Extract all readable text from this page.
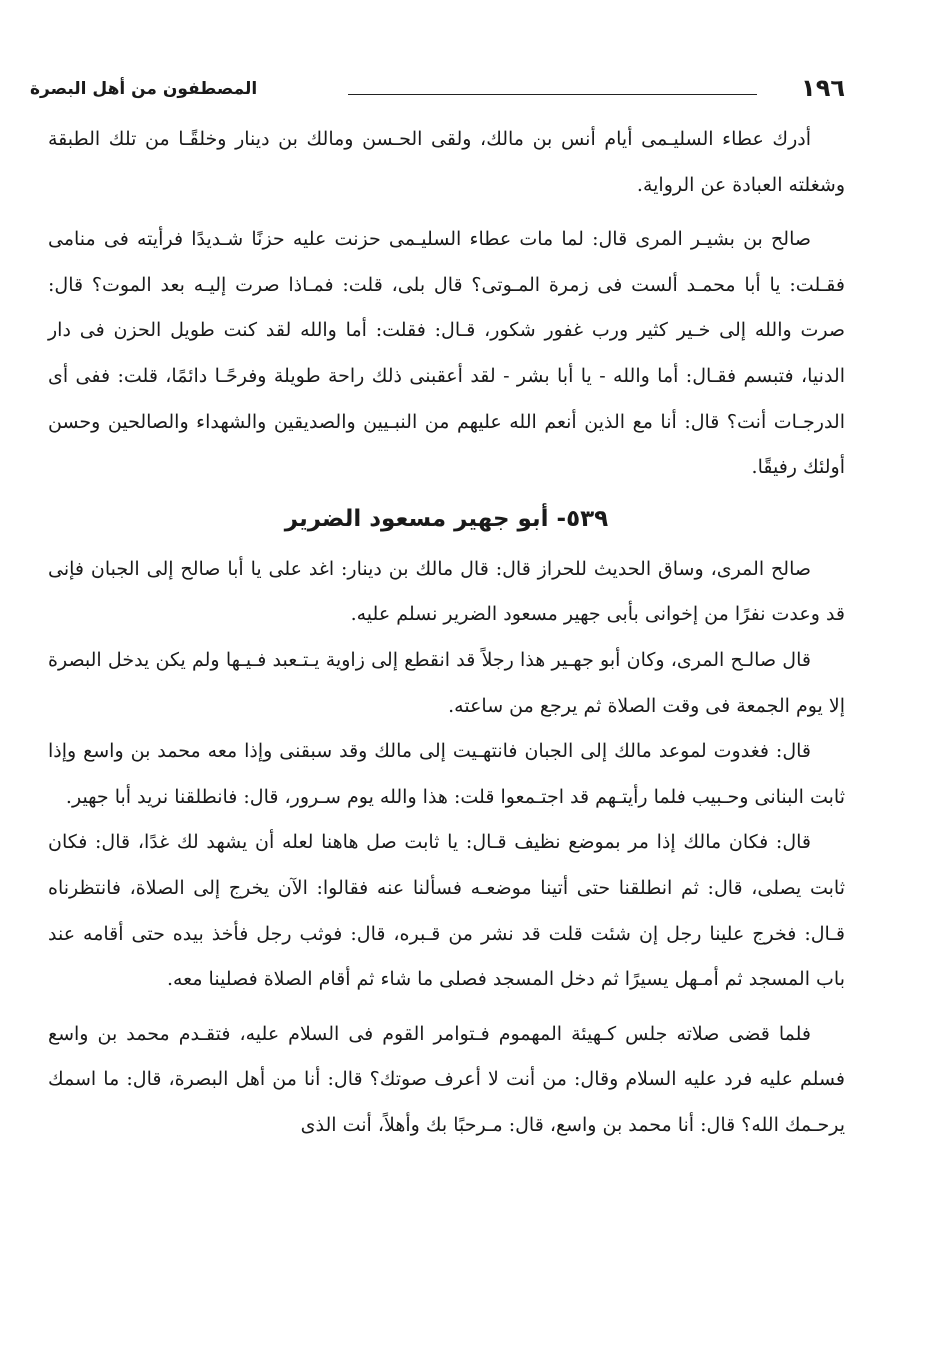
١٩٦
المصطفون من أهل البصرة

أدرك عطاء السليـمى أيام أنس بن مالك، ولقى الحـسن ومالك بن دينار وخلقًـا من تلك الطبقة وشغلته العبادة عن الرواية.

صالح بن بشيـر المرى قال: لما مات عطاء السليـمى حزنت عليه حزنًا شـديدًا فرأيته فى منامى فقـلت: يا أبا محمـد ألست فى زمرة المـوتى؟ قال بلى، قلت: فمـاذا صرت إليـه بعد الموت؟ قال: صرت والله إلى خـير كثير ورب غفور شكور، قـال: فقلت: أما والله لقد كنت طويل الحزن فى دار الدنيا، فتبسم فقـال: أما والله - يا أبا بشر - لقد أعقبنى ذلك راحة طويلة وفرحًـا دائمًا، قلت: ففى أى الدرجـات أنت؟ قال: أنا مع الذين أنعم الله عليهم من النبـيين والصديقين والشهداء والصالحين وحسن أولئك رفيقًا.

٥٣٩- أبو جهير مسعود الضرير

صالح المرى، وساق الحديث للحراز قال: قال مالك بن دينار: اغد على يا أبا صالح إلى الجبان فإنى قد وعدت نفرًا من إخوانى بأبى جهير مسعود الضرير نسلم عليه.

قال صالـح المرى، وكان أبو جهـير هذا رجلاً قد انقطع إلى زاوية يـتـعبد فـيـها ولم يكن يدخل البصرة إلا يوم الجمعة فى وقت الصلاة ثم يرجع من ساعته.

قال: فغدوت لموعد مالك إلى الجبان فانتهـيت إلى مالك وقد سبقنى وإذا معه محمد بن واسع وإذا ثابت البنانى وحـبيب فلما رأيتـهم قد اجتـمعوا قلت: هذا والله يوم سـرور، قال: فانطلقنا نريد أبا جهير.

قال: فكان مالك إذا مر بموضع نظيف قـال: يا ثابت صل هاهنا لعله أن يشهد لك غدًا، قال: فكان ثابت يصلى، قال: ثم انطلقنا حتى أتينا موضعـه فسألنا عنه فقالوا: الآن يخرج إلى الصلاة، فانتظرناه قـال: فخرج علينا رجل إن شئت قلت قد نشر من قـبره، قال: فوثب رجل فأخذ بيده حتى أقامه عند باب المسجد ثم أمـهل يسيرًا ثم دخل المسجد فصلى ما شاء ثم أقام الصلاة فصلينا معه.

فلما قضى صلاته جلس كـهيئة المهموم فـتوامر القوم فى السلام عليه، فتقـدم محمد بن واسع فسلم عليه فرد عليه السلام وقال: من أنت لا أعرف صوتك؟ قال: أنا من أهل البصرة، قال: ما اسمك يرحـمك الله؟ قال: أنا محمد بن واسع، قال: مـرحبًا بك وأهلاً، أنت الذى
